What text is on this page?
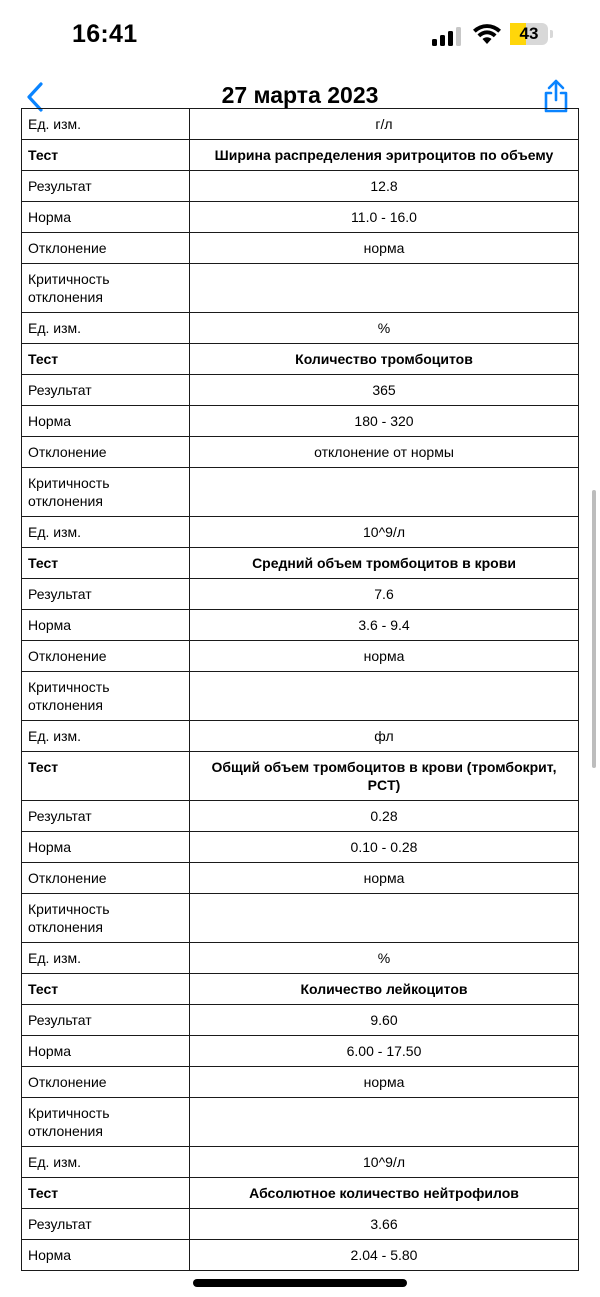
16:41	43
27 марта 2023
Ед. изм.	г/л
Тест	Ширина распределения эритроцитов по объему
Результат	12.8
Норма	11.0 - 16.0
Отклонение	норма
Критичность отклонения	
Ед. изм.	%
Тест	Количество тромбоцитов
Результат	365
Норма	180 - 320
Отклонение	отклонение от нормы
Критичность отклонения	
Ед. изм.	10^9/л
Тест	Средний объем тромбоцитов в крови
Результат	7.6
Норма	3.6 - 9.4
Отклонение	норма
Критичность отклонения	
Ед. изм.	фл
Тест	Общий объем тромбоцитов в крови (тромбокрит, PCT)
Результат	0.28
Норма	0.10 - 0.28
Отклонение	норма
Критичность отклонения	
Ед. изм.	%
Тест	Количество лейкоцитов
Результат	9.60
Норма	6.00 - 17.50
Отклонение	норма
Критичность отклонения	
Ед. изм.	10^9/л
Тест	Абсолютное количество нейтрофилов
Результат	3.66
Норма	2.04 - 5.80
